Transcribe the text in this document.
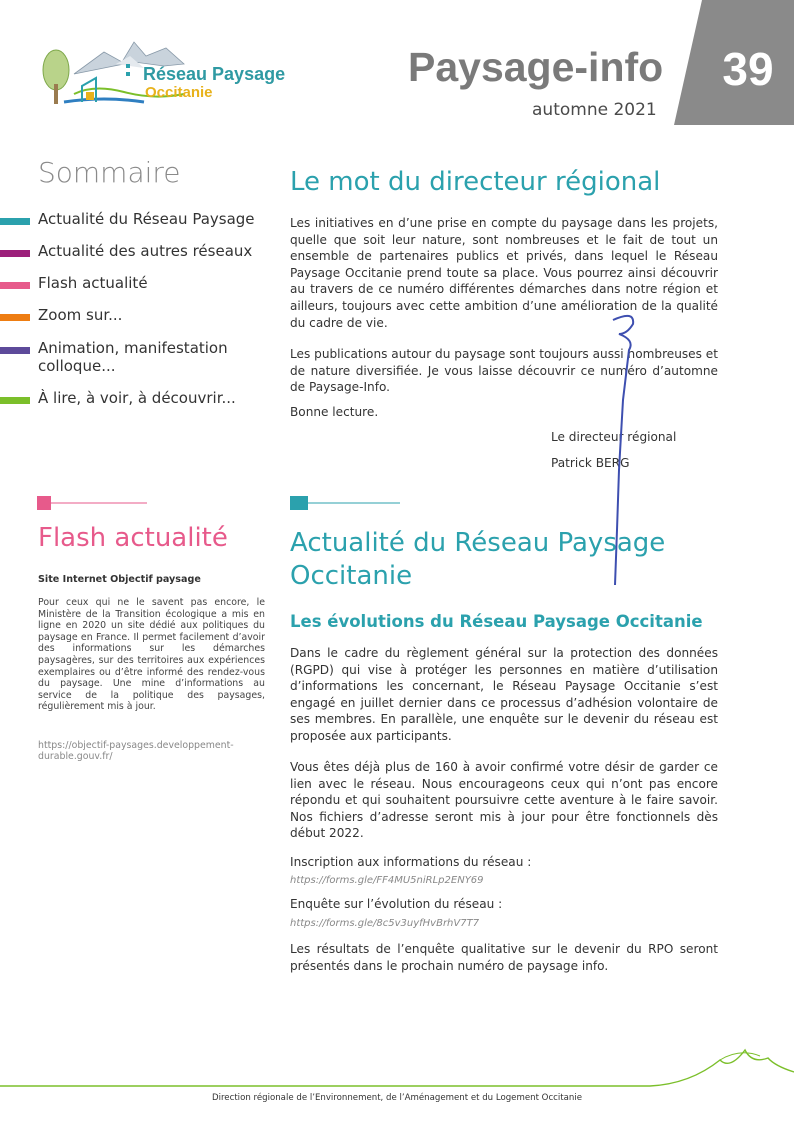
Réseau Paysage
Occitanie
Paysage-info
automne 2021
39
Sommaire
Actualité du Réseau Paysage
Actualité des autres réseaux
Flash actualité
Zoom sur...
Animation, manifestation colloque...
À lire, à voir, à découvrir...
Le mot du directeur régional
Les initiatives en d’une prise en compte du paysage dans les projets, quelle que soit leur nature, sont nombreuses et le fait de tout un ensemble de partenaires publics et privés, dans lequel le Réseau Paysage Occitanie prend toute sa place. Vous pourrez ainsi découvrir au travers de ce numéro différentes démarches dans notre région et ailleurs, toujours avec cette ambition d’une amélioration de la qualité du cadre de vie.
Les publications autour du paysage sont toujours aussi nombreuses et de nature diversifiée. Je vous laisse découvrir ce numéro d’automne de Paysage-Info.
Bonne lecture.
Le directeur régional
Patrick BERG
Flash actualité
Site Internet Objectif paysage
Pour ceux qui ne le savent pas encore, le Ministère de la Transition écologique a mis en ligne en 2020 un site dédié aux politiques du paysage en France. Il permet facilement d’avoir des informations sur les démarches paysagères, sur des territoires aux expériences exemplaires ou d’être informé des rendez-vous du paysage. Une mine d’informations au service de la politique des paysages, régulièrement mis à jour.
https://objectif-paysages.developpement-durable.gouv.fr/
Actualité du Réseau Paysage Occitanie
Les évolutions du Réseau Paysage Occitanie
Dans le cadre du règlement général sur la protection des données (RGPD) qui vise à protéger les personnes en matière d’utilisation d’informations les concernant, le Réseau Paysage Occitanie s’est engagé en juillet dernier dans ce processus d’adhésion volontaire de ses membres. En parallèle, une enquête sur le devenir du réseau est proposée aux participants.
Vous êtes déjà plus de 160 à avoir confirmé votre désir de garder ce lien avec le réseau. Nous encourageons ceux qui n’ont pas encore répondu et qui souhaitent poursuivre cette aventure à le faire savoir. Nos fichiers d’adresse seront mis à jour pour être fonctionnels dès début 2022.
Inscription aux informations du réseau :
https://forms.gle/FF4MU5niRLp2ENY69
Enquête sur l’évolution du réseau :
https://forms.gle/8c5v3uyfHvBrhV7T7
Les résultats de l’enquête qualitative sur le devenir du RPO seront présentés dans le prochain numéro de paysage info.
Direction régionale de l’Environnement, de l’Aménagement et du Logement Occitanie
